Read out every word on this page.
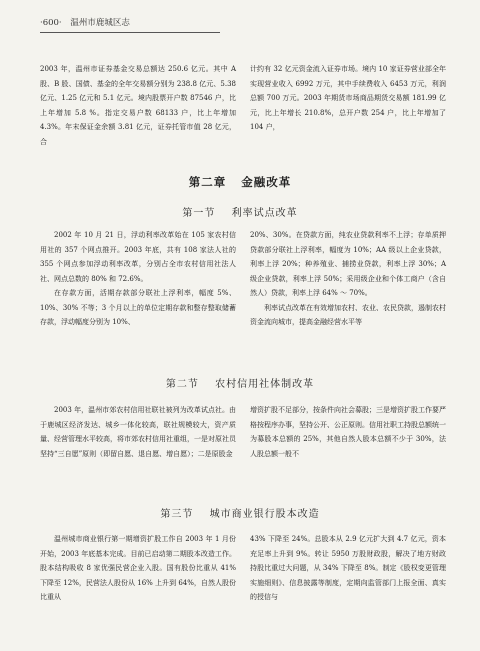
·600· 温州市鹿城区志

2003 年，温州市证券基金交易总额达 250.6 亿元。其中 A 股、B 股、国债、基金的全年交易额分别为 238.8 亿元、5.38 亿元、1.25 亿元和 5.1 亿元。境内股票开户数 87546 户，比上年增加 5.8 %。指定交易户数 68133 户，比上年增加 4.3%。年末保证金余额 3.81 亿元，证券托管市值 28 亿元，合

计约有 32 亿元资金流入证券市场。境内 10 家证券营业部全年实现营业收入 6992 万元，其中手续费收入 6453 万元，利润总额 700 万元。2003 年期货市场商品期货交易额 181.99 亿元，比上年增长 210.8%，总开户数 254 户，比上年增加了 104 户，

第二章 金融改革
第一节 利率试点改革

2002 年 10 月 21 日，浮动利率改革始在 105 家农村信用社的 357 个网点推开。2003 年底，共有 108 家法人社的 355 个网点参加浮动利率改革，分别占全市农村信用社法人社、网点总数的 80% 和 72.6%。

在存款方面，活期存款部分联社上浮利率，幅度 5%、10%、30% 不等；3 个月以上的单位定期存款和整存整取储蓄存款，浮动幅度分别为 10%、

20%、30%。在贷款方面，纯农业贷款利率不上浮；存单质押贷款部分联社上浮利率，幅度为 10%；AA 级以上企业贷款，利率上浮 20%；种养殖业、捕捞业贷款，利率上浮 30%；A 级企业贷款，利率上浮 50%；采用级企业和个体工商户（含自然人）贷款，利率上浮 64% ～ 70%。

利率试点改革在有效增加农村、农业、农民贷款，遏制农村资金流向城市，提高金融经营水平等

第二节 农村信用社体制改革

2003 年，温州市郊农村信用社联社被列为改革试点社。由于鹿城区经济发达、城乡一体化较高，联社规模较大，资产质量、经营管理水平较高，将市郊农村信用社重组，一是对原社员坚持“三自愿”原则（即留自愿、退自愿、增自愿）；二是原股金

增资扩股不足部分，按条件向社会募股；三是增资扩股工作要严格按程序办事，坚持公开、公正原则。信用社职工持股总额统一为募股本总额的 25%，其他自然人股本总额不少于 30%，法人股总额一般不

第三节 城市商业银行股本改造

温州城市商业银行第一期增资扩股工作自 2003 年 1 月份开始，2003 年底基本完成。目前已启动第二期股本改造工作。股本结构吸收 8 家优强民营企业入股。国有股份比重从 41% 下降至 12%，民营法人股份从 16% 上升到 64%，自然人股份比重从

43% 下降至 24%。总股本从 2.9 亿元扩大到 4.7 亿元，资本充足率上升到 9%。转让 5950 万股财政股，解决了地方财政持股比重过大问题，从 34% 下降至 8%。制定《股权变更管理实施细则》、信息披露等制度，定期向监管部门上报全面、真实的授信与
